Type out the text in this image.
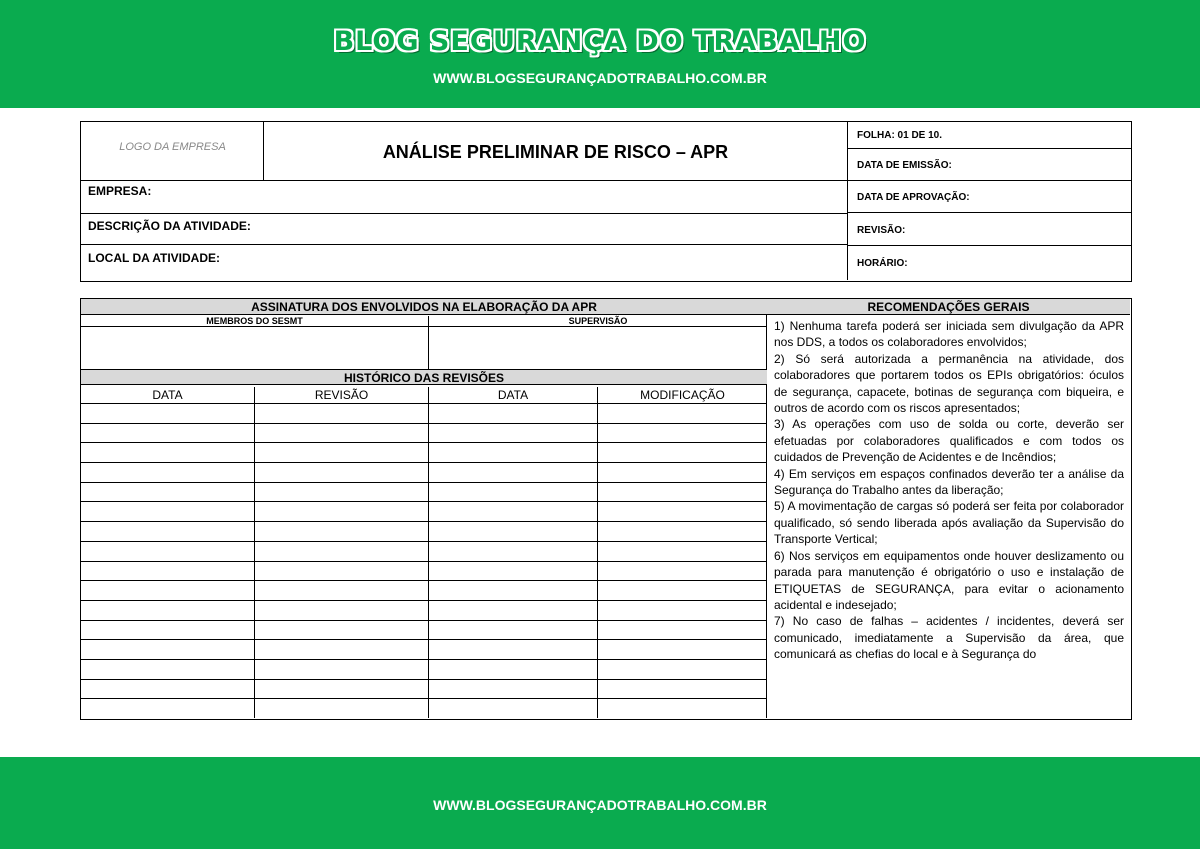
BLOG SEGURANÇA DO TRABALHO
WWW.BLOGSEGURANÇADOTRABALHO.COM.BR
LOGO DA EMPRESA	ANÁLISE PRELIMINAR DE RISCO – APR
EMPRESA:
DESCRIÇÃO DA ATIVIDADE:
LOCAL DA ATIVIDADE:
FOLHA: 01 DE 10.
DATA DE EMISSÃO:
DATA DE APROVAÇÃO:
REVISÃO:
HORÁRIO:
ASSINATURA DOS ENVOLVIDOS NA ELABORAÇÃO DA APR
MEMBROS DO SESMT	SUPERVISÃO
HISTÓRICO DAS REVISÕES
DATA	REVISÃO	DATA	MODIFICAÇÃO
RECOMENDAÇÕES GERAIS
1) Nenhuma tarefa poderá ser iniciada sem divulgação da APR nos DDS, a todos os colaboradores envolvidos;
2) Só será autorizada a permanência na atividade, dos colaboradores que portarem todos os EPIs obrigatórios: óculos de segurança, capacete, botinas de segurança com biqueira, e outros de acordo com os riscos apresentados;
3) As operações com uso de solda ou corte, deverão ser efetuadas por colaboradores qualificados e com todos os cuidados de Prevenção de Acidentes e de Incêndios;
4) Em serviços em espaços confinados deverão ter a análise da Segurança do Trabalho antes da liberação;
5) A movimentação de cargas só poderá ser feita por colaborador qualificado, só sendo liberada após avaliação da Supervisão do Transporte Vertical;
6) Nos serviços em equipamentos onde houver deslizamento ou parada para manutenção é obrigatório o uso e instalação de ETIQUETAS de SEGURANÇA, para evitar o acionamento acidental e indesejado;
7) No caso de falhas – acidentes / incidentes, deverá ser comunicado, imediatamente a Supervisão da área, que comunicará as chefias do local e à Segurança do
WWW.BLOGSEGURANÇADOTRABALHO.COM.BR
